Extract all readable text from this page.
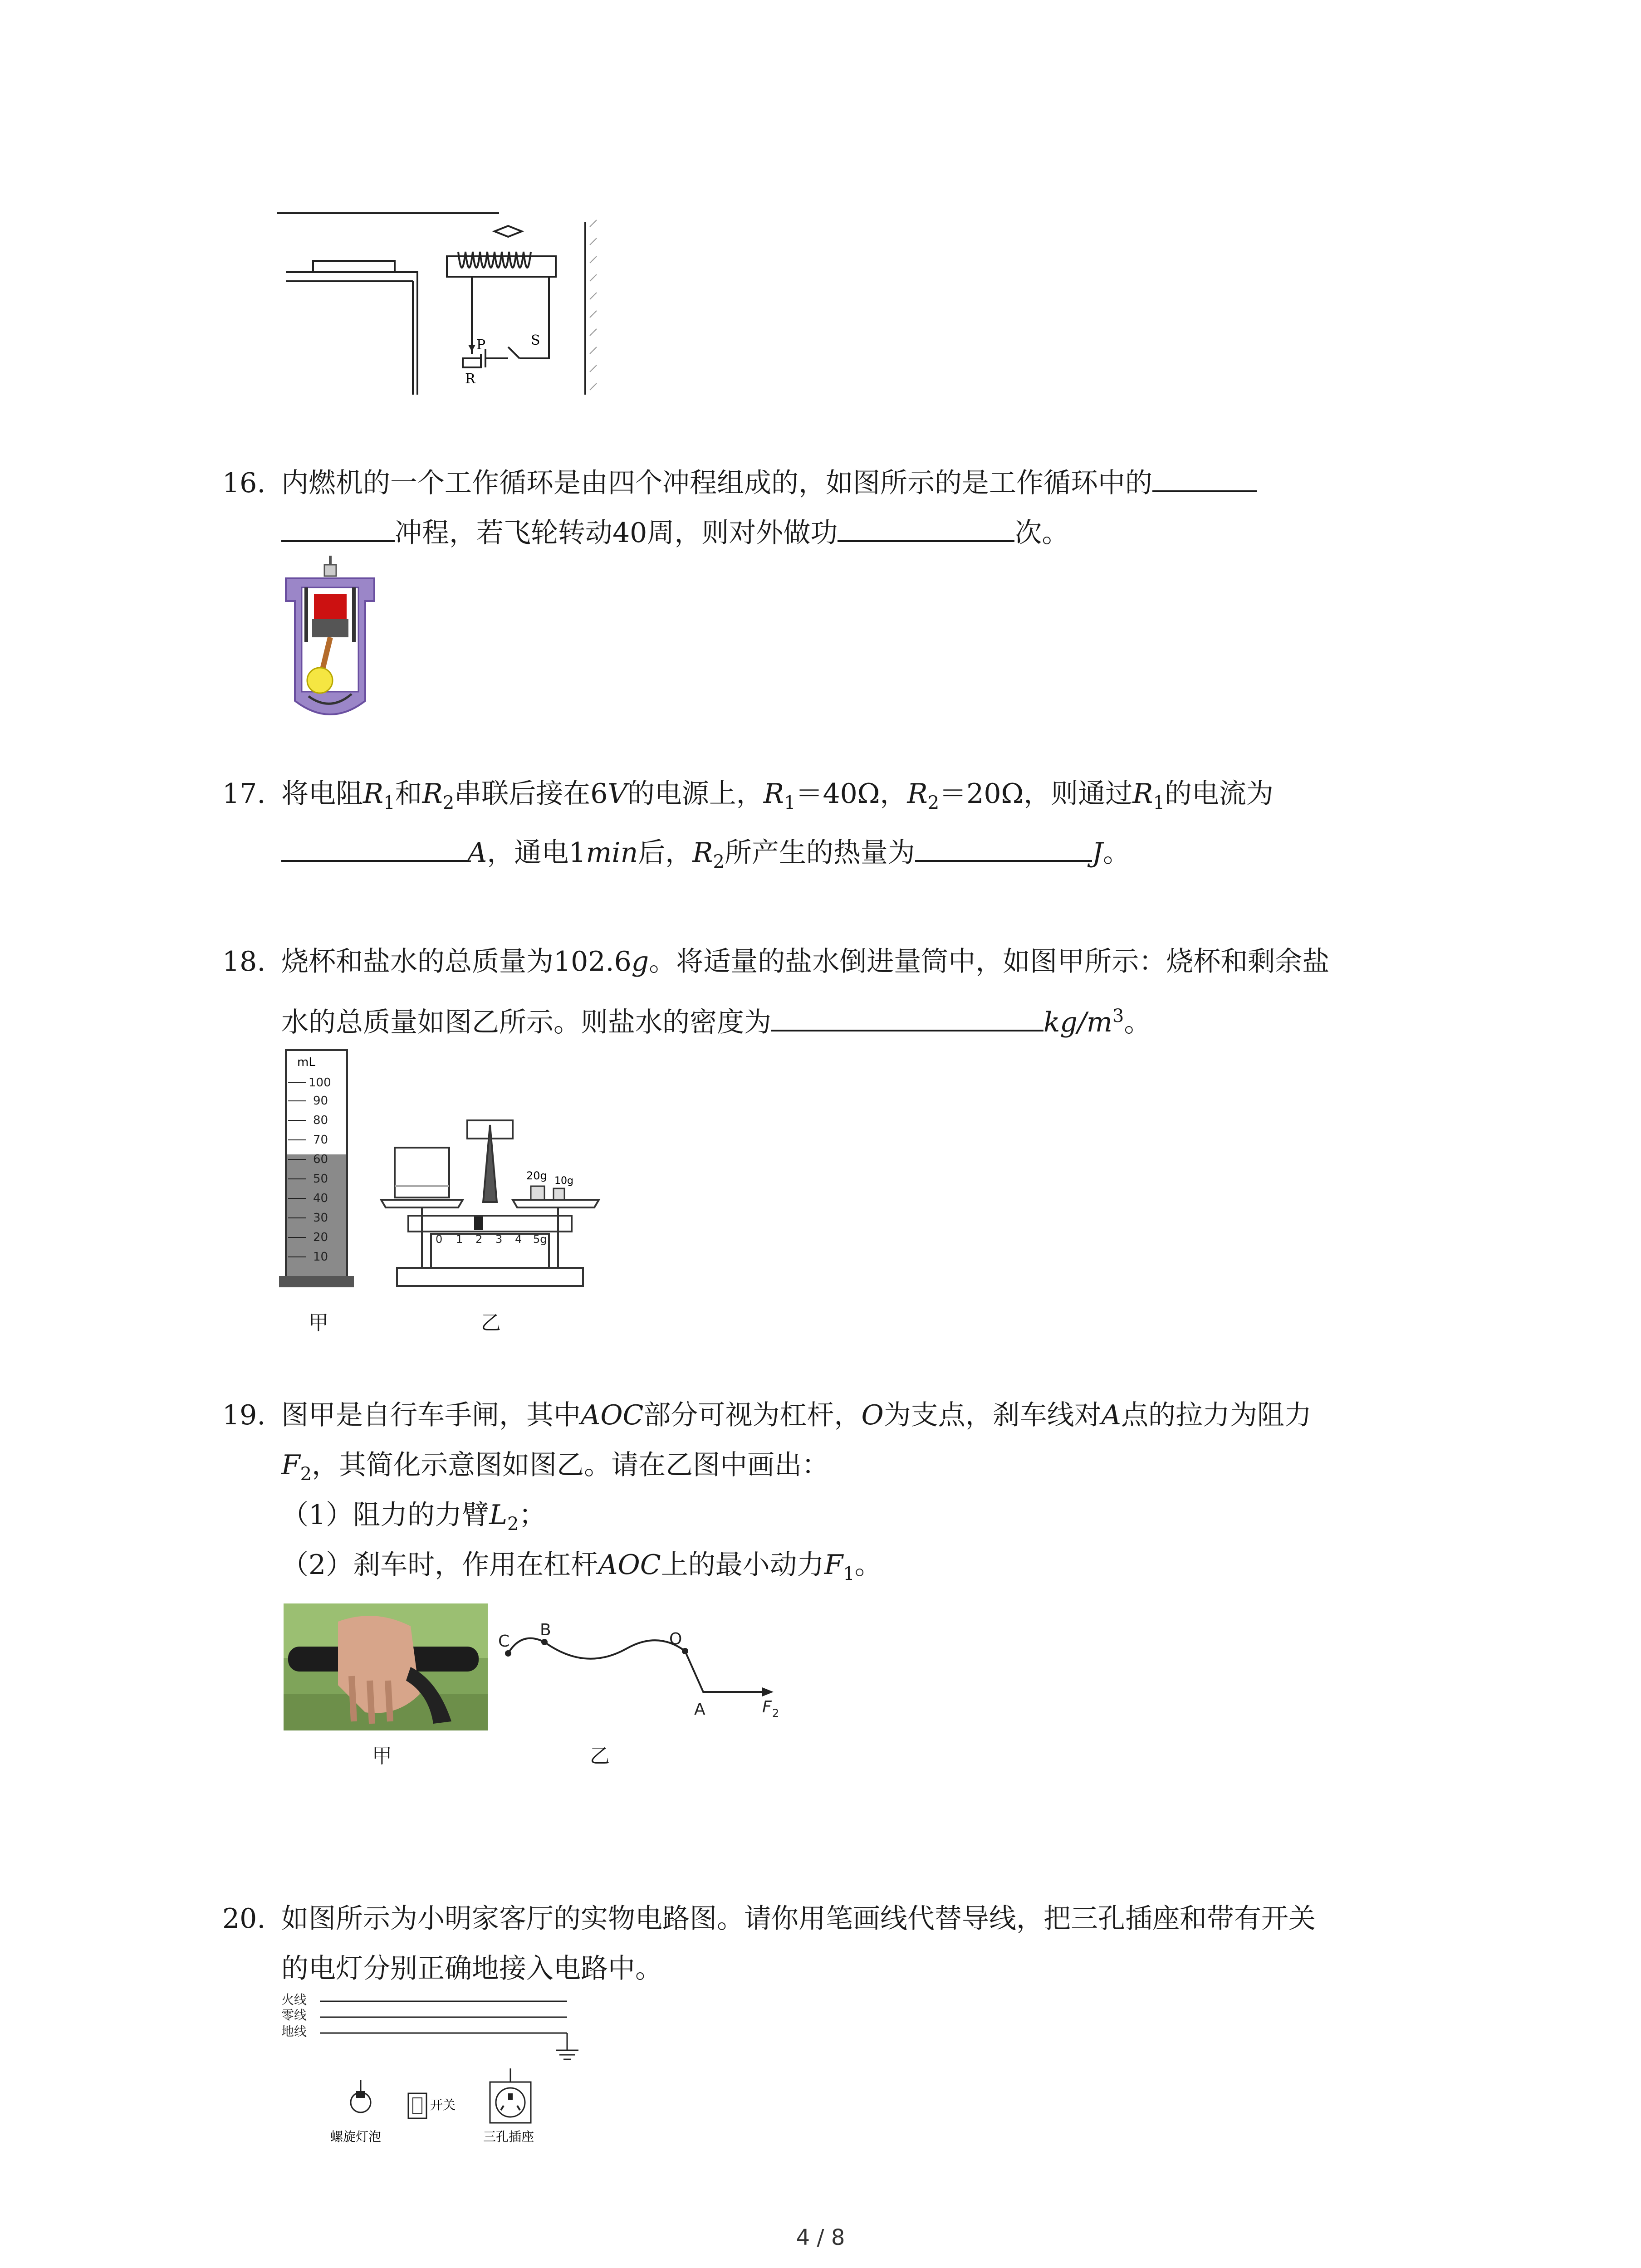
P	S
R
16. 内燃机的一个工作循环是由四个冲程组成的，如图所示的是工作循环中的
冲程，若飞轮转动40周，则对外做功	次。
17. 将电阻$R_1$和$R_2$串联后接在6V的电源上，$R_1=40\Omega$，$R_2=20\Omega$，则通过$R_1$的电流为
A，通电1min后，$R_2$所产生的热量为	J。
18. 烧杯和盐水的总质量为102.6g。将适量的盐水倒进量筒中，如图甲所示：烧杯和剩余盐
水的总质量如图乙所示。则盐水的密度为	$kg/m^3$。
mL
100
90
80
70
60
50
40
30
20
10
甲
20g 10g
0 1 2 3 4 5g
乙
19. 图甲是自行车手闸，其中AOC部分可视为杠杆，O为支点，刹车线对A点的拉力为阻力
$F_2$，其简化示意图如图乙。请在乙图中画出：
（1）阻力的力臂$L_2$；
（2）刹车时，作用在杠杆AOC上的最小动力$F_1$。
甲
C
B	O
A	F 2
乙
20. 如图所示为小明家客厅的实物电路图。请你用笔画线代替导线，把三孔插座和带有开关
的电灯分别正确地接入电路中。
火线
零线
地线
开关
螺旋灯泡	三孔插座
4 / 8
